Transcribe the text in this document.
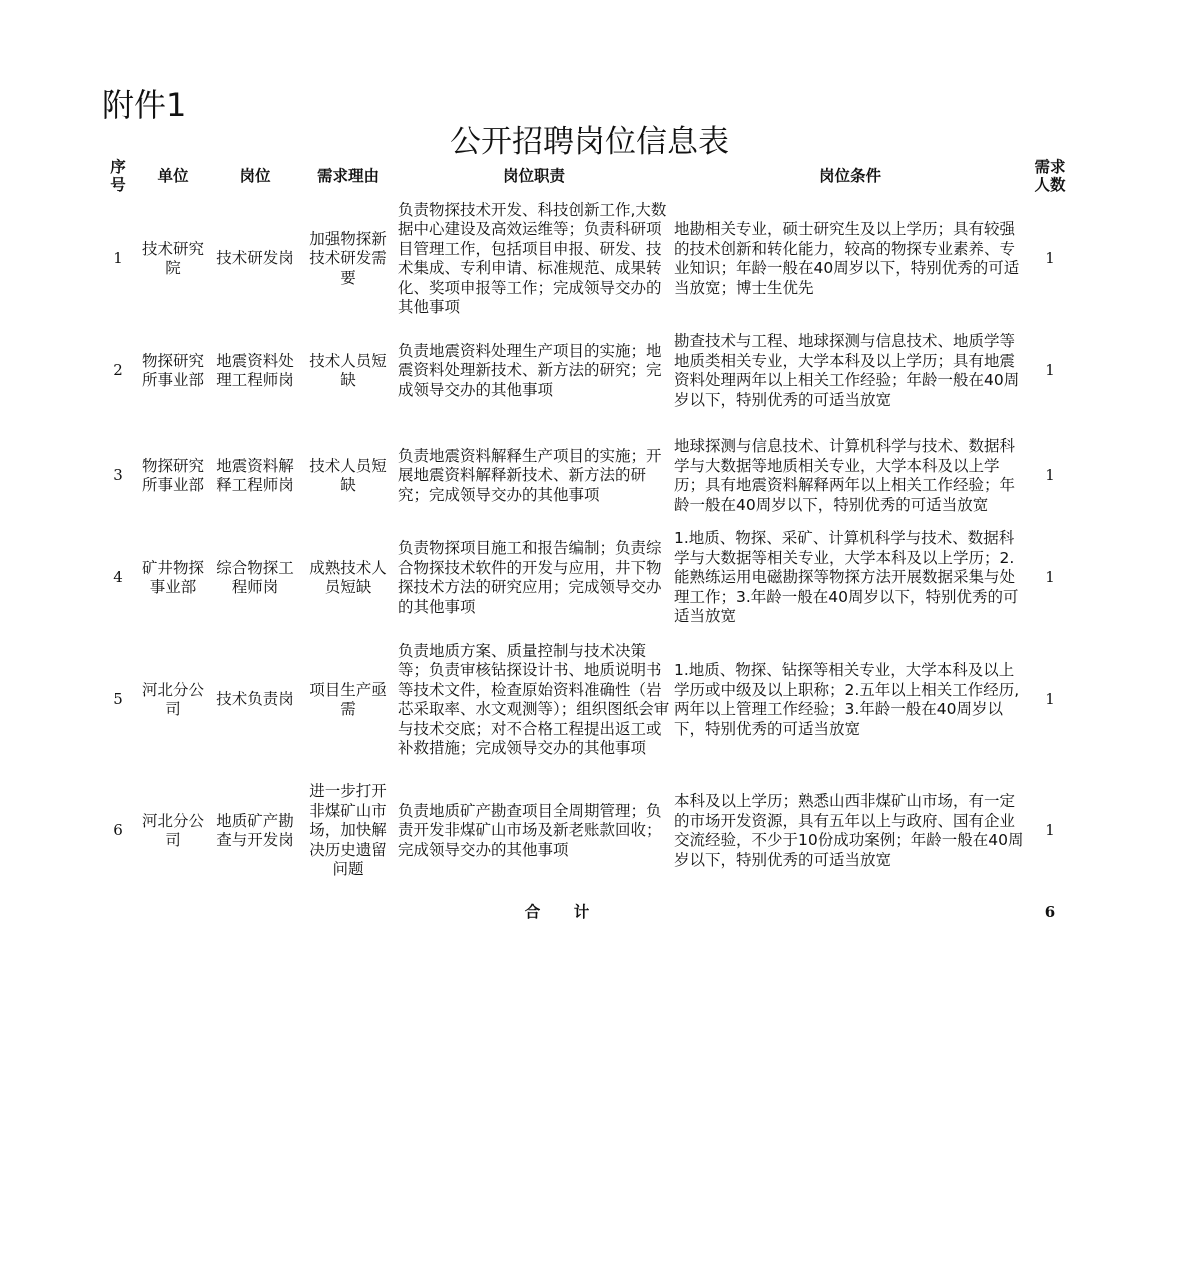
附件1
公开招聘岗位信息表
序号	单位	岗位	需求理由	岗位职责	岗位条件	需求人数
1	技术研究院	技术研发岗	加强物探新技术研发需要	负责物探技术开发、科技创新工作,大数据中心建设及高效运维等；负责科研项目管理工作，包括项目申报、研发、技术集成、专利申请、标准规范、成果转化、奖项申报等工作；完成领导交办的其他事项	地勘相关专业，硕士研究生及以上学历；具有较强的技术创新和转化能力，较高的物探专业素养、专业知识；年龄一般在40周岁以下，特别优秀的可适当放宽；博士生优先	1
2	物探研究所事业部	地震资料处理工程师岗	技术人员短缺	负责地震资料处理生产项目的实施；地震资料处理新技术、新方法的研究；完成领导交办的其他事项	勘查技术与工程、地球探测与信息技术、地质学等地质类相关专业，大学本科及以上学历；具有地震资料处理两年以上相关工作经验；年龄一般在40周岁以下，特别优秀的可适当放宽	1
3	物探研究所事业部	地震资料解释工程师岗	技术人员短缺	负责地震资料解释生产项目的实施；开展地震资料解释新技术、新方法的研究；完成领导交办的其他事项	地球探测与信息技术、计算机科学与技术、数据科学与大数据等地质相关专业，大学本科及以上学历；具有地震资料解释两年以上相关工作经验；年龄一般在40周岁以下，特别优秀的可适当放宽	1
4	矿井物探事业部	综合物探工程师岗	成熟技术人员短缺	负责物探项目施工和报告编制；负责综合物探技术软件的开发与应用，井下物探技术方法的研究应用；完成领导交办的其他事项	1.地质、物探、采矿、计算机科学与技术、数据科学与大数据等相关专业，大学本科及以上学历；2.能熟练运用电磁勘探等物探方法开展数据采集与处理工作；3.年龄一般在40周岁以下，特别优秀的可适当放宽	1
5	河北分公司	技术负责岗	项目生产亟需	负责地质方案、质量控制与技术决策等；负责审核钻探设计书、地质说明书等技术文件，检查原始资料准确性（岩芯采取率、水文观测等）；组织图纸会审与技术交底；对不合格工程提出返工或补救措施；完成领导交办的其他事项	1.地质、物探、钻探等相关专业，大学本科及以上学历或中级及以上职称；2.五年以上相关工作经历,两年以上管理工作经验；3.年龄一般在40周岁以下，特别优秀的可适当放宽	1
6	河北分公司	地质矿产勘查与开发岗	进一步打开非煤矿山市场，加快解决历史遗留问题	负责地质矿产勘查项目全周期管理；负责开发非煤矿山市场及新老账款回收；完成领导交办的其他事项	本科及以上学历；熟悉山西非煤矿山市场，有一定的市场开发资源，具有五年以上与政府、国有企业交流经验，不少于10份成功案例；年龄一般在40周岁以下，特别优秀的可适当放宽	1
合 计						6
